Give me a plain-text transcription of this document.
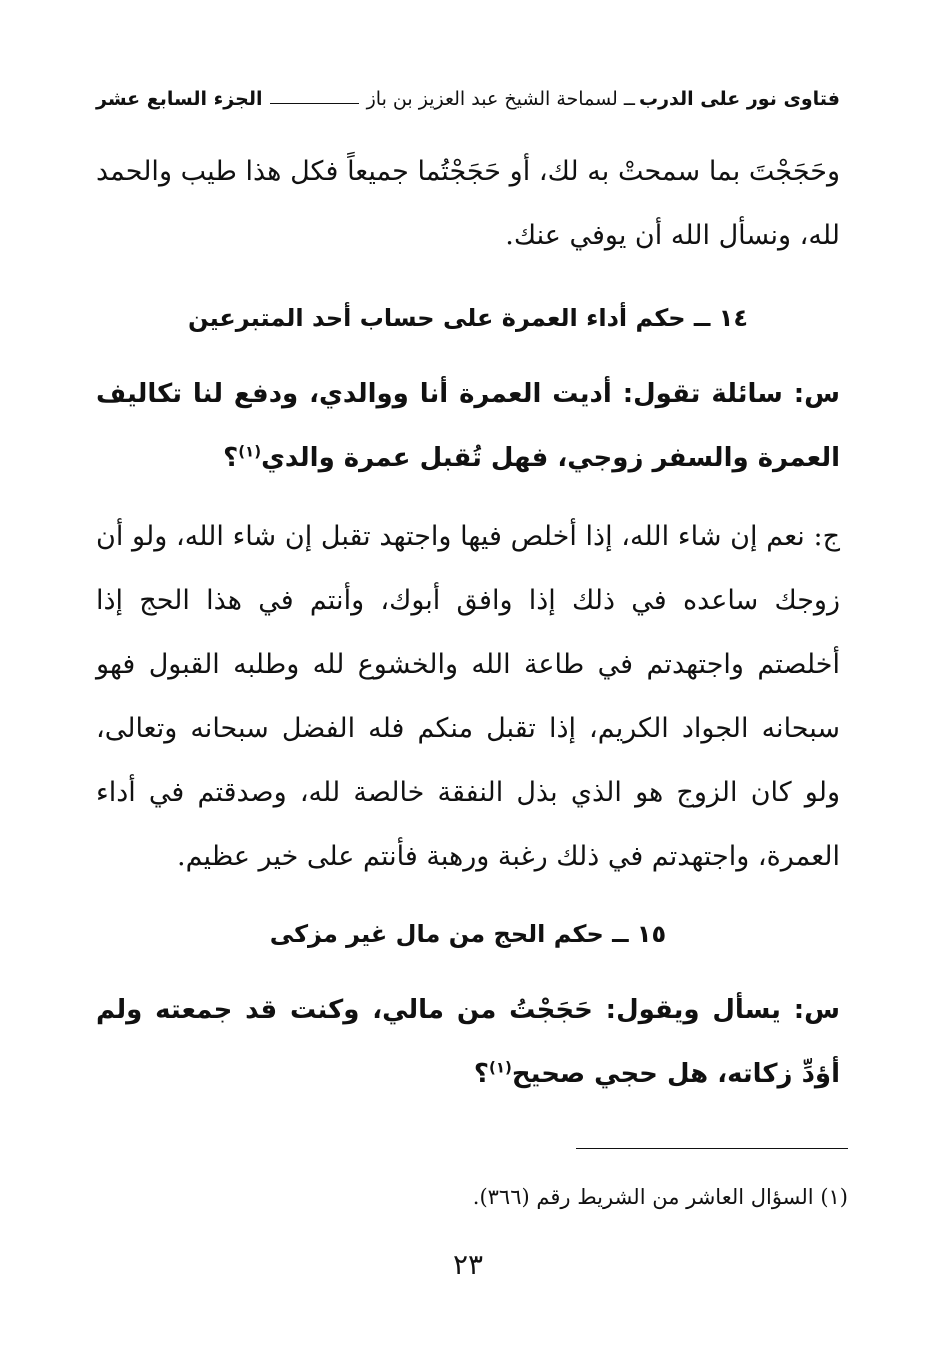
فتاوى نور على الدرب
ــ لسماحة الشيخ عبد العزيز بن باز
الجزء السابع عشر
وحَجَجْتَ بما سمحتْ به لك، أو حَجَجْتُما جميعاً فكل هذا طيب والحمد لله، ونسأل الله أن يوفي عنك.
١٤ ــ حكم أداء العمرة على حساب أحد المتبرعين
س: سائلة تقول: أديت العمرة أنا ووالدي، ودفع لنا تكاليف العمرة والسفر زوجي، فهل تُقبل عمرة والدي$^{(١)}$؟
ج: نعم إن شاء الله، إذا أخلص فيها واجتهد تقبل إن شاء الله، ولو أن زوجك ساعده في ذلك إذا وافق أبوك، وأنتم في هذا الحج إذا أخلصتم واجتهدتم في طاعة الله والخشوع لله وطلبه القبول فهو سبحانه الجواد الكريم، إذا تقبل منكم فله الفضل سبحانه وتعالى، ولو كان الزوج هو الذي بذل النفقة خالصة لله، وصدقتم في أداء العمرة، واجتهدتم في ذلك رغبة ورهبة فأنتم على خير عظيم.
١٥ ــ حكم الحج من مال غير مزكى
س: يسأل ويقول: حَجَجْتُ من مالي، وكنت قد جمعته ولم أؤدِّ زكاته، هل حجي صحيح$^{(١)}$؟
(١) السؤال العاشر من الشريط رقم (٣٦٦).
٢٣
